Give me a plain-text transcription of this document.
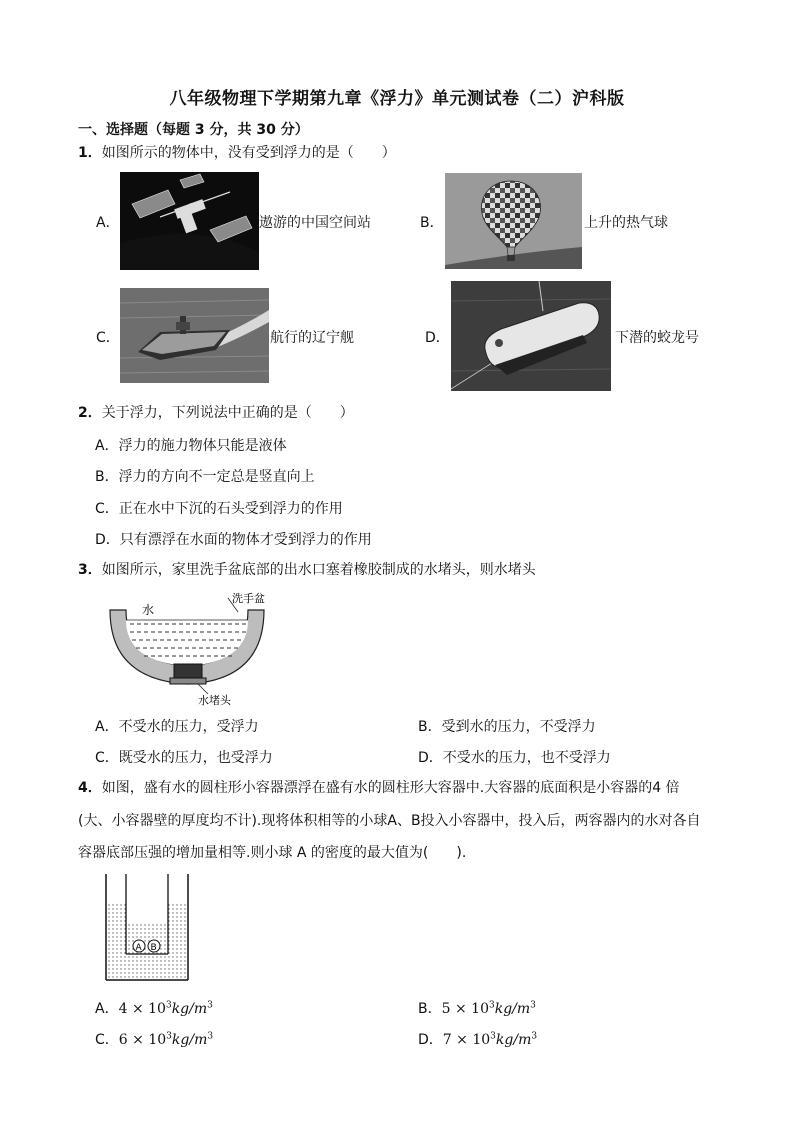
八年级物理下学期第九章《浮力》单元测试卷（二）沪科版
一、选择题（每题 3 分，共 30 分）
1．如图所示的物体中，没有受到浮力的是（　　）
A．	遨游的中国空间站	B．	上升的热气球
C．	航行的辽宁舰	D．	下潜的蛟龙号
2．关于浮力，下列说法中正确的是（　　）
A．浮力的施力物体只能是液体
B．浮力的方向不一定总是竖直向上
C．正在水中下沉的石头受到浮力的作用
D．只有漂浮在水面的物体才受到浮力的作用
3．如图所示，家里洗手盆底部的出水口塞着橡胶制成的水堵头，则水堵头
水
洗手盆
水堵头
A．不受水的压力，受浮力	B．受到水的压力，不受浮力
C．既受水的压力，也受浮力	D．不受水的压力，也不受浮力
4．如图，盛有水的圆柱形小容器漂浮在盛有水的圆柱形大容器中.大容器的底面积是小容器的4 倍
(大、小容器壁的厚度均不计).现将体积相等的小球A、B投入小容器中，投入后，两容器内的水对各自
容器底部压强的增加量相等.则小球 A 的密度的最大值为(　　).
A B
A．$4 \times 10^3kg/m^3$	B．$5 \times 10^3kg/m^3$
C．$6 \times 10^3kg/m^3$	D．$7 \times 10^3kg/m^3$
